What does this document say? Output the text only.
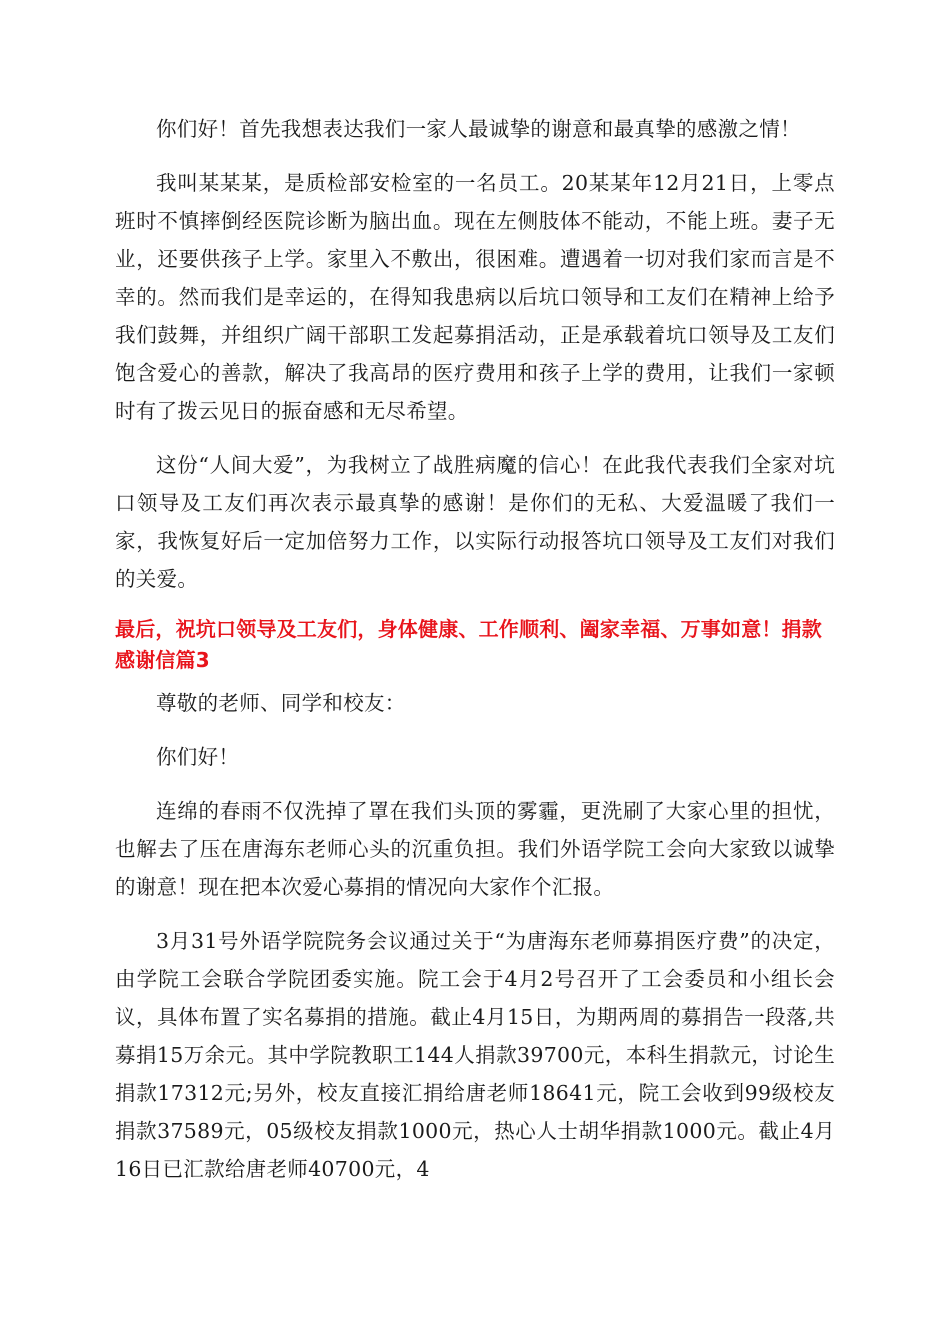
你们好！首先我想表达我们一家人最诚挚的谢意和最真挚的感激之情！

我叫某某某，是质检部安检室的一名员工。20某某年12月21日，上零点班时不慎摔倒经医院诊断为脑出血。现在左侧肢体不能动，不能上班。妻子无业，还要供孩子上学。家里入不敷出，很困难。遭遇着一切对我们家而言是不幸的。然而我们是幸运的，在得知我患病以后坑口领导和工友们在精神上给予我们鼓舞，并组织广阔干部职工发起募捐活动，正是承载着坑口领导及工友们饱含爱心的善款，解决了我高昂的医疗费用和孩子上学的费用，让我们一家顿时有了拨云见日的振奋感和无尽希望。

这份“人间大爱”，为我树立了战胜病魔的信心！在此我代表我们全家对坑口领导及工友们再次表示最真挚的感谢！是你们的无私、大爱温暖了我们一家，我恢复好后一定加倍努力工作，以实际行动报答坑口领导及工友们对我们的关爱。

最后，祝坑口领导及工友们，身体健康、工作顺利、阖家幸福、万事如意！捐款感谢信篇3

尊敬的老师、同学和校友：

你们好！

连绵的春雨不仅洗掉了罩在我们头顶的雾霾，更洗刷了大家心里的担忧，也解去了压在唐海东老师心头的沉重负担。我们外语学院工会向大家致以诚挚的谢意！现在把本次爱心募捐的情况向大家作个汇报。

3月31号外语学院院务会议通过关于“为唐海东老师募捐医疗费”的决定，由学院工会联合学院团委实施。院工会于4月2号召开了工会委员和小组长会议，具体布置了实名募捐的措施。截止4月15日，为期两周的募捐告一段落,共募捐15万余元。其中学院教职工144人捐款39700元，本科生捐款元，讨论生捐款17312元;另外，校友直接汇捐给唐老师18641元，院工会收到99级校友捐款37589元，05级校友捐款1000元，热心人士胡华捐款1000元。截止4月16日已汇款给唐老师40700元，4
